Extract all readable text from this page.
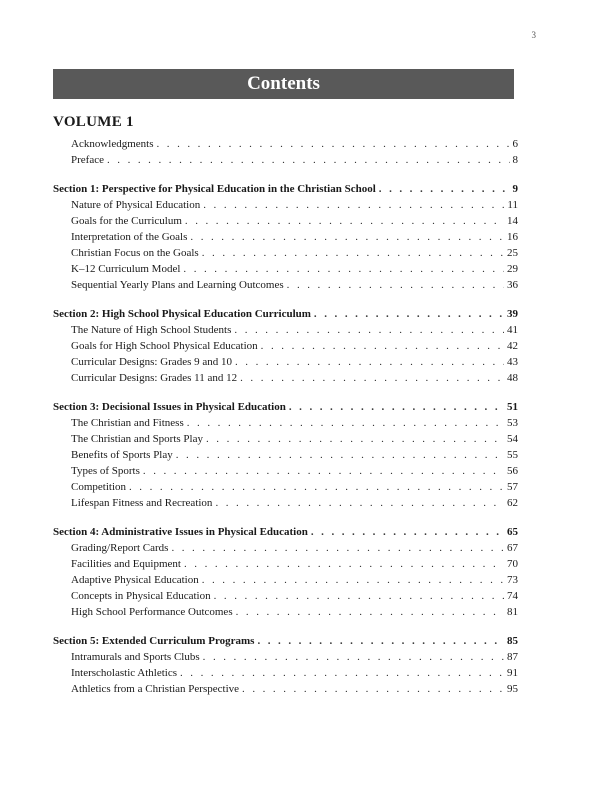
3
Contents
VOLUME 1
Acknowledgments . . .	6
Preface . . .	8
Section 1: Perspective for Physical Education in the Christian School . . .	9
Nature of Physical Education . . .	11
Goals for the Curriculum . . .	14
Interpretation of the Goals . . .	16
Christian Focus on the Goals . . .	25
K–12 Curriculum Model . . .	29
Sequential Yearly Plans and Learning Outcomes . . .	36
Section 2: High School Physical Education Curriculum . . .	39
The Nature of High School Students . . .	41
Goals for High School Physical Education . . .	42
Curricular Designs: Grades 9 and 10 . . .	43
Curricular Designs: Grades 11 and 12 . . .	48
Section 3: Decisional Issues in Physical Education . . .	51
The Christian and Fitness . . .	53
The Christian and Sports Play . . .	54
Benefits of Sports Play . . .	55
Types of Sports . . .	56
Competition . . .	57
Lifespan Fitness and Recreation . . .	62
Section 4: Administrative Issues in Physical Education . . .	65
Grading/Report Cards . . .	67
Facilities and Equipment . . .	70
Adaptive Physical Education . . .	73
Concepts in Physical Education . . .	74
High School Performance Outcomes . . .	81
Section 5: Extended Curriculum Programs . . .	85
Intramurals and Sports Clubs . . .	87
Interscholastic Athletics . . .	91
Athletics from a Christian Perspective . . .	95
